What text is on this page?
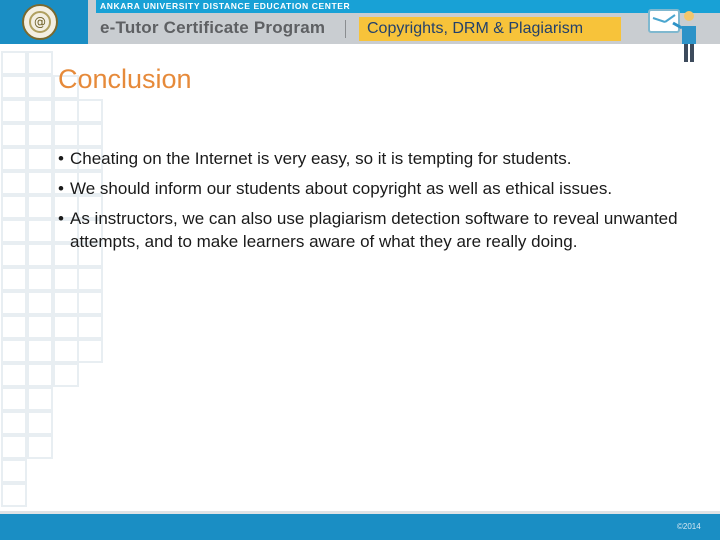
@
ANKARA UNIVERSITY DISTANCE EDUCATION CENTER
e-Tutor Certificate Program	Copyrights, DRM & Plagiarism
Conclusion
• Cheating on the Internet is very easy, so it is tempting for students.
• We should inform our students about copyright as well as ethical issues.
• As instructors, we can also use plagiarism detection software to reveal unwanted attempts, and to make learners aware of what they are really doing.
©2014
